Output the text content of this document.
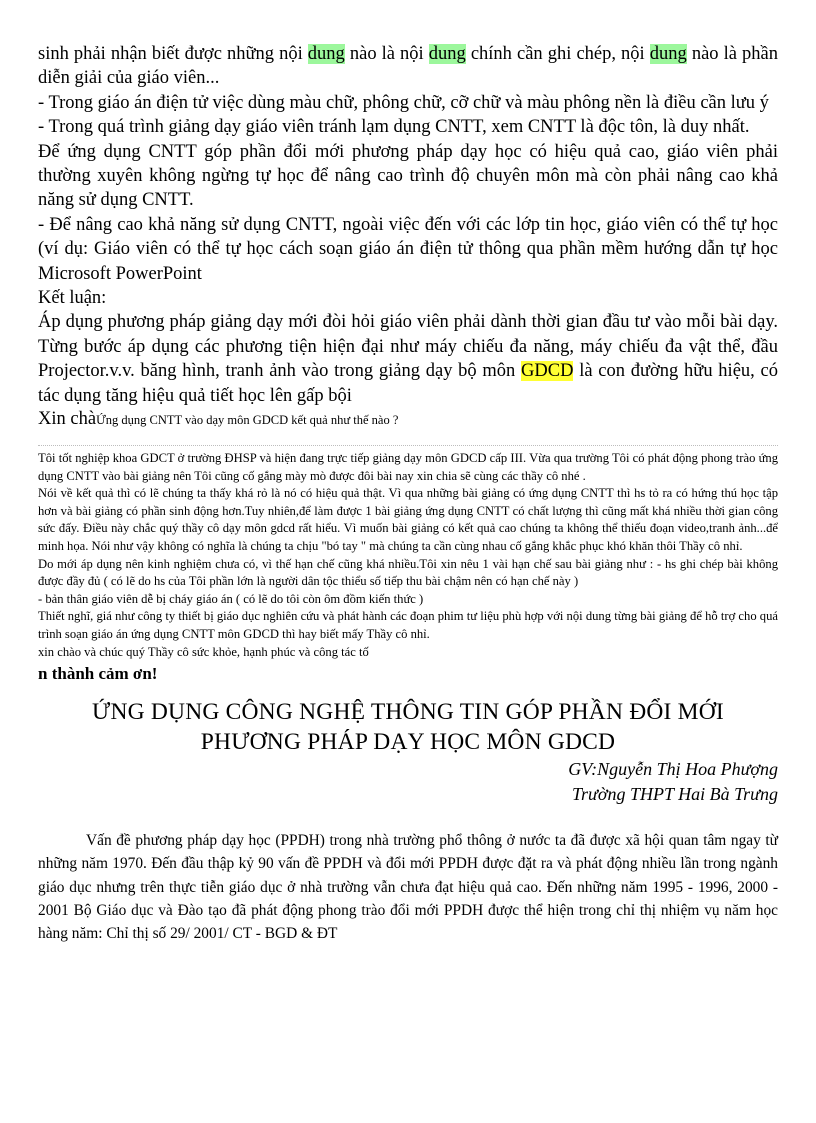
sinh phải nhận biết được những nội dung nào là nội dung chính cần ghi chép, nội dung nào là phần diễn giải của giáo viên...

- Trong giáo án điện tử việc dùng màu chữ, phông chữ, cỡ chữ và màu phông nền là điều cần lưu ý

- Trong quá trình giảng dạy giáo viên tránh lạm dụng CNTT, xem CNTT là độc tôn, là duy nhất.

Để ứng dụng CNTT góp phần đổi mới phương pháp dạy học có hiệu quả cao, giáo viên phải thường xuyên không ngừng tự học để nâng cao trình độ chuyên môn mà còn phải nâng cao khả năng sử dụng CNTT.

- Để nâng cao khả năng sử dụng CNTT, ngoài việc đến với các lớp tin học, giáo viên có thể tự học (ví dụ: Giáo viên có thể tự học cách soạn giáo án điện tử thông qua phần mềm hướng dẫn tự học Microsoft PowerPoint

Kết luận:

Áp dụng phương pháp giảng dạy mới đòi hỏi giáo viên phải dành thời gian đầu tư vào mỗi bài dạy. Từng bước áp dụng các phương tiện hiện đại như máy chiếu đa năng, máy chiếu đa vật thể, đầu Projector.v.v. băng hình, tranh ảnh vào trong giảng dạy bộ môn GDCD là con đường hữu hiệu, có tác dụng tăng hiệu quả tiết học lên gấp bội

Xin chàỨng dụng CNTT vào dạy môn GDCD kết quả như thế nào ?

Tôi tốt nghiệp khoa GDCT ở trường ĐHSP và hiện đang trực tiếp giảng dạy môn GDCD cấp III. Vừa qua trường Tôi có phát động phong trào ứng dụng CNTT vào bài giảng nên Tôi cũng cố gắng mày mò được đôi bài nay xin chia sẽ cùng các thầy cô nhé .

Nói về kết quả thì có lẽ chúng ta thấy khá rỏ là nó có hiệu quả thật. Vì qua những bài giảng có ứng dụng CNTT thì hs tỏ ra có hứng thú học tập hơn và bài giảng có phần sinh động hơn.Tuy nhiên,để làm được 1 bài giảng ứng dụng CNTT có chất lượng thì cũng mất khá nhiều thời gian công sức đấy. Điều này chắc quý thầy cô dạy môn gdcd rất hiểu. Vì muốn bài giảng có kết quả cao chúng ta không thể thiếu đoạn video,tranh ảnh...để minh họa. Nói như vậy không có nghĩa là chúng ta chịu "bó tay " mà chúng ta cần cùng nhau cố gắng khắc phục khó khăn thôi Thầy cô nhỉ.

Do mới áp dụng nên kinh nghiệm chưa có, vì thế hạn chế cũng khá nhiều.Tôi xin nêu 1 vài hạn chế sau bài giảng như : - hs ghi chép bài không được đầy đủ ( có lẽ do hs của Tôi phần lớn là người dân tộc thiểu số tiếp thu bài chậm nên có hạn chế này )

- bản thân giáo viên dễ bị cháy giáo án ( có lẽ do tôi còn ôm đồm kiến thức )

Thiết nghĩ, giá như công ty thiết bị giáo dục nghiên cứu và phát hành các đoạn phim tư liệu phù hợp với nội dung từng bài giảng để hỗ trợ cho quá trình soạn giáo án ứng dụng CNTT môn GDCD thì hay biết mấy Thầy cô nhỉ.

xin chào và chúc quý Thầy cô sức khỏe, hạnh phúc và công tác tố

n thành cảm ơn!

ỨNG DỤNG CÔNG NGHỆ THÔNG TIN GÓP PHẦN ĐỔI MỚI
PHƯƠNG PHÁP DẠY HỌC MÔN GDCD

GV:Nguyễn Thị Hoa Phượng

Trường THPT Hai Bà Trưng

Vấn đề phương pháp dạy học (PPDH) trong nhà trường phổ thông ở nước ta đã được xã hội quan tâm ngay từ những năm 1970. Đến đầu thập kỷ 90 vấn đề PPDH và đổi mới PPDH được đặt ra và phát động nhiều lần trong ngành giáo dục nhưng trên thực tiễn giáo dục ở nhà trường vẫn chưa đạt hiệu quả cao. Đến những năm 1995 - 1996, 2000 - 2001 Bộ Giáo dục và Đào tạo đã phát động phong trào đổi mới PPDH được thể hiện trong chỉ thị nhiệm vụ năm học hàng năm: Chỉ thị số 29/ 2001/ CT - BGD & ĐT
